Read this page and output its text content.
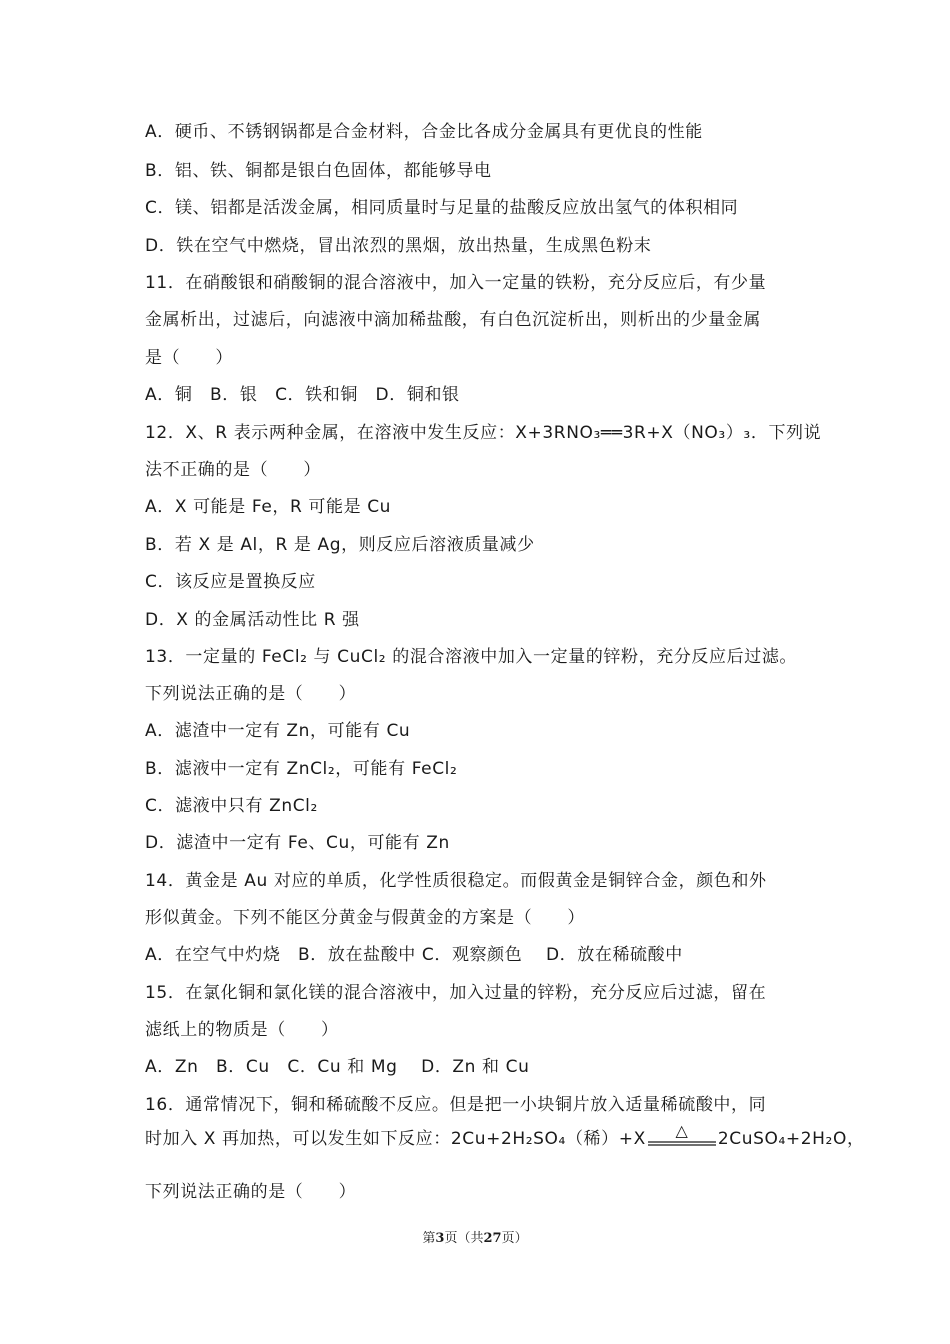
A．硬币、不锈钢锅都是合金材料，合金比各成分金属具有更优良的性能
B．铝、铁、铜都是银白色固体，都能够导电
C．镁、铝都是活泼金属，相同质量时与足量的盐酸反应放出氢气的体积相同
D．铁在空气中燃烧，冒出浓烈的黑烟，放出热量，生成黑色粉末
11．在硝酸银和硝酸铜的混合溶液中，加入一定量的铁粉，充分反应后，有少量
金属析出，过滤后，向滤液中滴加稀盐酸，有白色沉淀析出，则析出的少量金属
是（　　）
A．铜　B．银　C．铁和铜　D．铜和银
12．X、R 表示两种金属，在溶液中发生反应：X+3RNO₃══3R+X（NO₃）₃．下列说
法不正确的是（　　）
A．X 可能是 Fe，R 可能是 Cu
B．若 X 是 Al，R 是 Ag，则反应后溶液质量减少
C．该反应是置换反应
D．X 的金属活动性比 R 强
13．一定量的 FeCl₂ 与 CuCl₂ 的混合溶液中加入一定量的锌粉，充分反应后过滤。
下列说法正确的是（　　）
A．滤渣中一定有 Zn，可能有 Cu
B．滤液中一定有 ZnCl₂，可能有 FeCl₂
C．滤液中只有 ZnCl₂
D．滤渣中一定有 Fe、Cu，可能有 Zn
14．黄金是 Au 对应的单质，化学性质很稳定。而假黄金是铜锌合金，颜色和外
形似黄金。下列不能区分黄金与假黄金的方案是（　　）
A．在空气中灼烧　B．放在盐酸中 C．观察颜色　 D．放在稀硫酸中
15．在氯化铜和氯化镁的混合溶液中，加入过量的锌粉，充分反应后过滤，留在
滤纸上的物质是（　　）
A．Zn　B．Cu　C．Cu 和 Mg　 D．Zn 和 Cu
16．通常情况下，铜和稀硫酸不反应。但是把一小块铜片放入适量稀硫酸中，同
时加入 X 再加热，可以发生如下反应：2Cu+2H₂SO₄（稀）+X △ 2CuSO₄+2H₂O，
下列说法正确的是（　　）
第3页（共27页）
